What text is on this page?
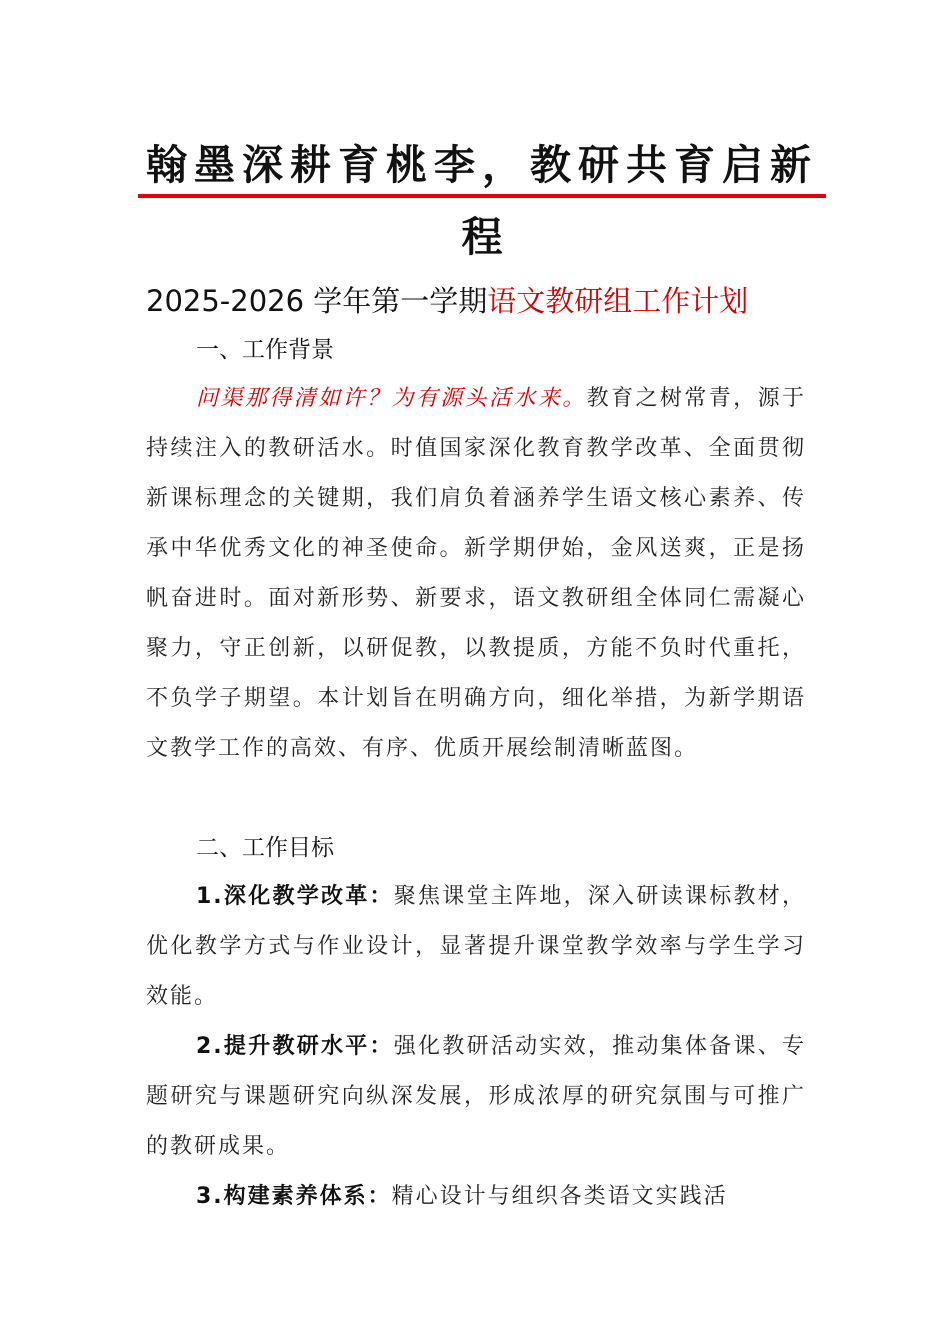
翰墨深耕育桃李，教研共育启新
程
2025-2026 学年第一学期语文教研组工作计划
一、工作背景
问渠那得清如许？为有源头活水来。教育之树常青，源于持续注入的教研活水。时值国家深化教育教学改革、全面贯彻新课标理念的关键期，我们肩负着涵养学生语文核心素养、传承中华优秀文化的神圣使命。新学期伊始，金风送爽，正是扬帆奋进时。面对新形势、新要求，语文教研组全体同仁需凝心聚力，守正创新，以研促教，以教提质，方能不负时代重托，不负学子期望。本计划旨在明确方向，细化举措，为新学期语文教学工作的高效、有序、优质开展绘制清晰蓝图。
二、工作目标
1.深化教学改革：聚焦课堂主阵地，深入研读课标教材，优化教学方式与作业设计，显著提升课堂教学效率与学生学习效能。
2.提升教研水平：强化教研活动实效，推动集体备课、专题研究与课题研究向纵深发展，形成浓厚的研究氛围与可推广的教研成果。
3.构建素养体系：精心设计与组织各类语文实践活
